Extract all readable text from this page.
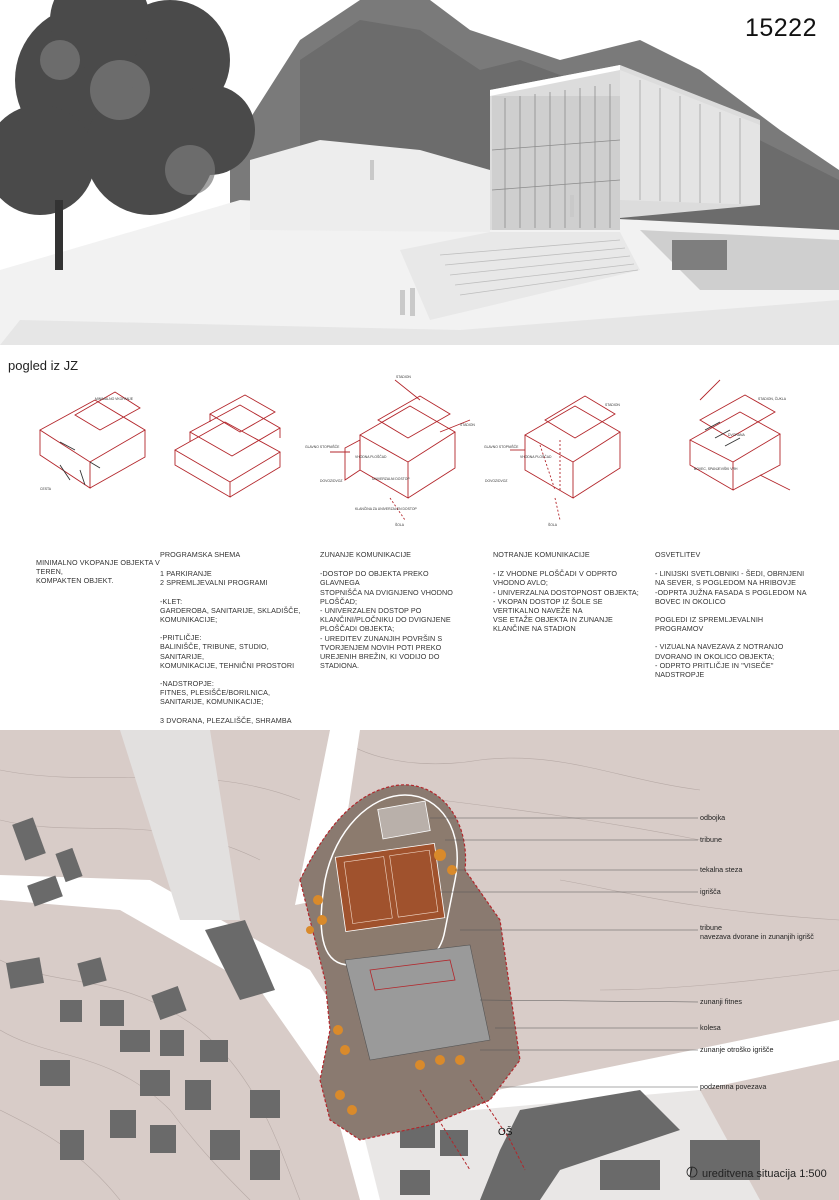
15222
pogled iz JZ
MINIMALNO VKOPANJE
CESTA
STADION
STADION
GLAVNO STOPNIŠČE
VHODNA PLOŠČAD
DOVOZ/DVOZ	UNIVERZALNI DOSTOP
KLANČINA ZA UNIVERZALEN DOSTOP
ŠOLA
STADION
GLAVNO STOPNIŠČE
VHODNA PLOŠČAD
DOVOZ/DVOZ
ŠOLA
STADION, ČUKLA
DVORANA
BOVEC, SPANJEVIŠKI VRH
MINIMALNO VKOPANJE OBJEKTA V TEREN,
KOMPAKTEN OBJEKT.
PROGRAMSKA SHEMA
1 PARKIRANJE
2 SPREMLJEVALNI PROGRAMI
-KLET:
GARDEROBA, SANITARIJE, SKLADIŠČE,
KOMUNIKACIJE;
-PRITLIČJE:
BALINIŠČE, TRIBUNE, STUDIO, SANITARIJE,
KOMUNIKACIJE, TEHNIČNI PROSTORI
-NADSTROPJE:
FITNES, PLESIŠČE/BORILNICA,
SANITARIJE, KOMUNIKACIJE;
3 DVORANA, PLEZALIŠČE, SHRAMBA
ZUNANJE KOMUNIKACIJE
-DOSTOP DO OBJEKTA PREKO GLAVNEGA
STOPNIŠČA NA DVIGNJENO VHODNO
PLOŠČAD;
- UNIVERZALEN DOSTOP PO
KLANČINI/PLOČNIKU DO DVIGNJENE
PLOŠČADI OBJEKTA;
- UREDITEV ZUNANJIH POVRŠIN S
TVORJENJEM NOVIH POTI PREKO
UREJENIH BREŽIN, KI VODIJO DO
STADIONA.
NOTRANJE KOMUNIKACIJE
- IZ VHODNE PLOŠČADI V ODPRTO
VHODNO AVLO;
- UNIVERZALNA DOSTOPNOST OBJEKTA;
- VKOPAN DOSTOP IZ ŠOLE SE
VERTIKALNO NAVEŽE NA
VSE ETAŽE OBJEKTA IN ZUNANJE
KLANČINE NA STADION
OSVETLITEV
- LINIJSKI SVETLOBNIKI - ŠEDI, OBRNJENI
NA SEVER, S POGLEDOM NA HRIBOVJE
-ODPRTA JUŽNA FASADA S POGLEDOM NA
BOVEC IN OKOLICO
POGLEDI IZ SPREMLJEVALNIH
PROGRAMOV
- VIZUALNA NAVEZAVA Z NOTRANJO
DVORANO IN OKOLICO OBJEKTA;
- ODPRTO PRITLIČJE IN "VISEČE"
NADSTROPJE
odbojka
tribune
tekalna steza
igrišča
tribune
navezava dvorane in zunanjih igrišč
zunanji fitnes
kolesa
zunanje otroško igrišče
podzemna povezava
OŠ
ureditvena situacija 1:500
